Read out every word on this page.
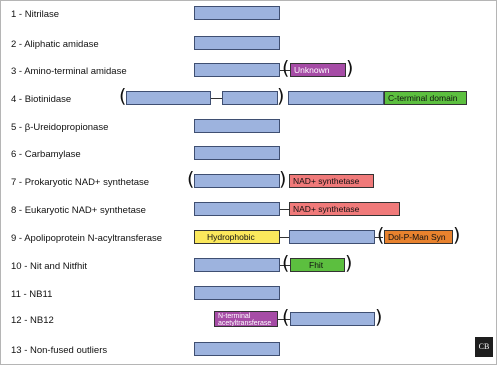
1 - Nitrilase
2 - Aliphatic amidase
3 - Amino-terminal amidase	( Unknown )
4 - Biotinidase	(	)	C-terminal domain
5 - β-Ureidopropionase
6 - Carbamylase
7 - Prokaryotic NAD+ synthetase (	) NAD+ synthetase
8 - Eukaryotic NAD+ synthetase	NAD+ synthetase
9 - Apolipoprotein N-acyltransferase	Hydrophobic	( Dol-P-Man Syn )
10 - Nit and Nitfhit	(	Fhit	)
11 - NB11
12 - NB12	N-terminal
acetyltransferase (	)
13 - Non-fused outliers	CB
